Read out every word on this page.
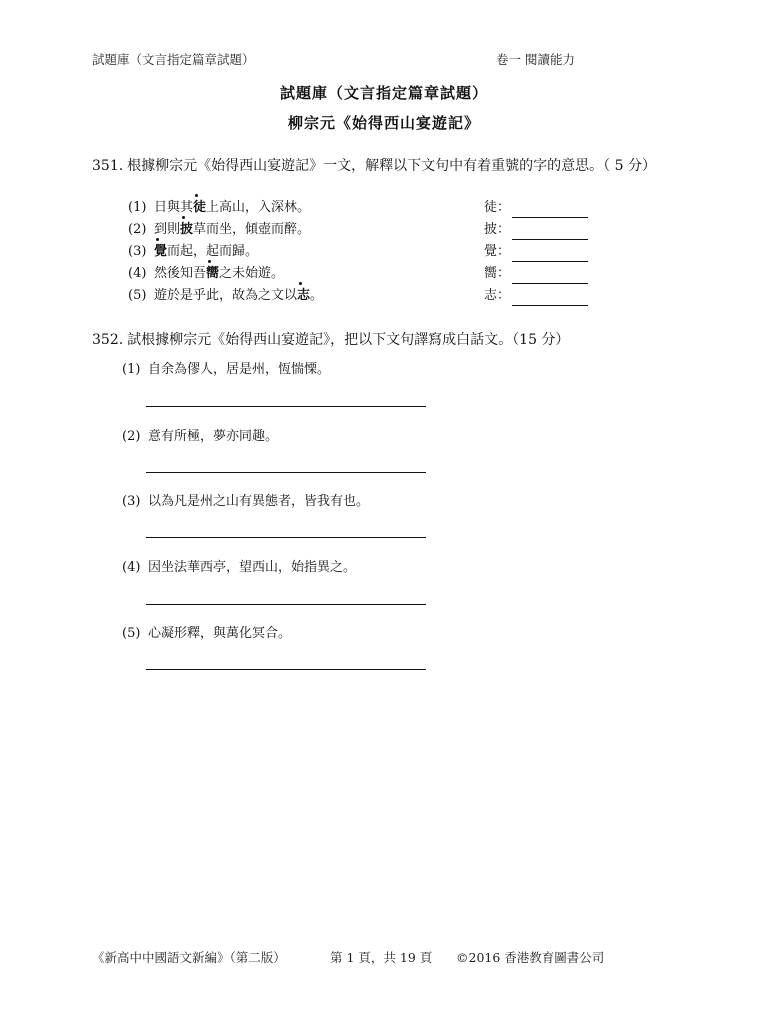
試題庫（文言指定篇章試題）	卷一 閱讀能力
試題庫（文言指定篇章試題）
柳宗元《始得西山宴遊記》
351. 根據柳宗元《始得西山宴遊記》一文，解釋以下文句中有着重號的字的意思。（ 5 分）
(1) 日與其徒上高山，入深林。	徒：
(2) 到則披草而坐，傾壺而醉。	披：
(3) 覺而起，起而歸。	覺：
(4) 然後知吾嚮之未始遊。	嚮：
(5) 遊於是乎此，故為之文以志。	志：
352. 試根據柳宗元《始得西山宴遊記》，把以下文句譯寫成白話文。（15 分）
(1) 自余為僇人，居是州，恆惴慄。
(2) 意有所極，夢亦同趣。
(3) 以為凡是州之山有異態者，皆我有也。
(4) 因坐法華西亭，望西山，始指異之。
(5) 心凝形釋，與萬化冥合。
《新高中中國語文新編》（第二版）	第 1 頁，共 19 頁 ©2016 香港教育圖書公司
